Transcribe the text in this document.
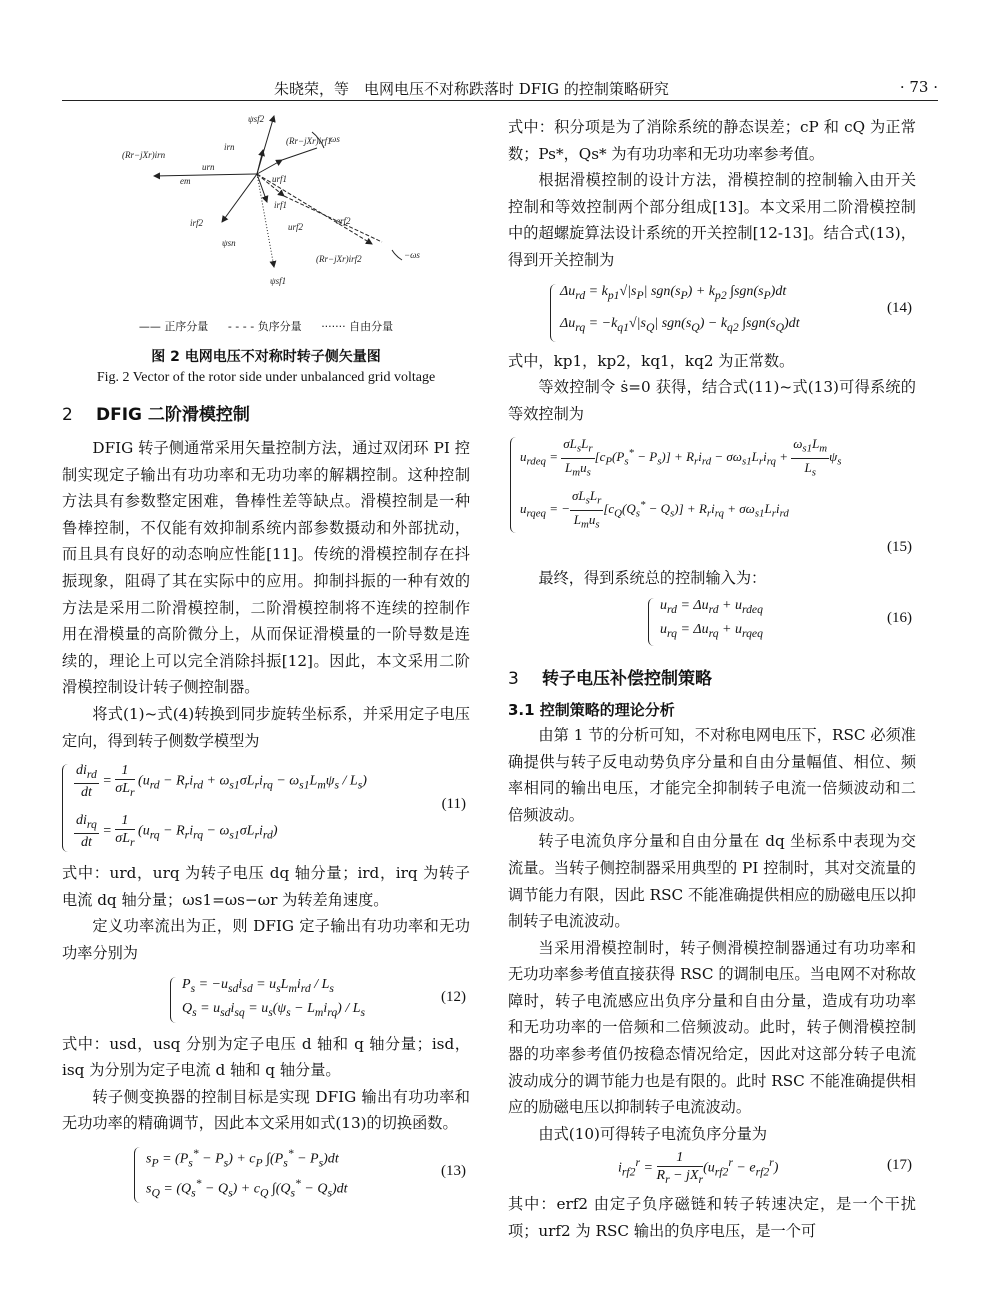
朱晓荣，等　电网电压不对称跌落时 DFIG 的控制策略研究	· 73 ·
ψsf2
(Rr−jXr)irn
(Rr−jXr)irf1
ωs
urn
irn
em	urf1
irf1
irf2
ψsn
urf2
erf2
(Rr−jXr)irf2	−ωs
ψsf1
—— 正序分量 - - - - 负序分量 ······· 自由分量
图 2 电网电压不对称时转子侧矢量图
Fig. 2 Vector of the rotor side under unbalanced grid voltage
2 DFIG 二阶滑模控制

DFIG 转子侧通常采用矢量控制方法，通过双闭环 PI 控制实现定子输出有功功率和无功功率的解耦控制。这种控制方法具有参数整定困难，鲁棒性差等缺点。滑模控制是一种鲁棒控制，不仅能有效抑制系统内部参数摄动和外部扰动，而且具有良好的动态响应性能[11]。传统的滑模控制存在抖振现象，阻碍了其在实际中的应用。抑制抖振的一种有效的方法是采用二阶滑模控制，二阶滑模控制将不连续的控制作用在滑模量的高阶微分上，从而保证滑模量的一阶导数是连续的，理论上可以完全消除抖振[12]。因此，本文采用二阶滑模控制设计转子侧控制器。

将式(1)~式(4)转换到同步旋转坐标系，并采用定子电压定向，得到转子侧数学模型为

$\frac{di_{rd}}{dt} = \frac{1}{\sigma L_r} (u_{rd} - R_ri_{rd} + \omega_{s1}\sigma L_ri_{rq} - \omega_{s1}L_m\psi_s / L_s)$
$\frac{di_{rq}}{dt} = \frac{1}{\sigma L_r} (u_{rq} - R_ri_{rq} - \omega_{s1}\sigma L_ri_{rd})$
(11)

式中：urd，urq 为转子电压 dq 轴分量；ird，irq 为转子电流 dq 轴分量；ωs1=ωs−ωr 为转差角速度。

定义功率流出为正，则 DFIG 定子输出有功功率和无功功率分别为

$P_s = -u_{sd}i_{sd} = u_sL_mi_{rd} / L_s$
$Q_s = u_{sd}i_{sq} = u_s(\psi_s - L_mi_{rq}) / L_s$
(12)

式中：usd，usq 分别为定子电压 d 轴和 q 轴分量；isd，isq 为分别为定子电流 d 轴和 q 轴分量。

转子侧变换器的控制目标是实现 DFIG 输出有功功率和无功功率的精确调节，因此本文采用如式(13)的切换函数。

$s_P = (P_s^* - P_s) + c_P$ $\int(P_s^* - P_s)dt$
$s_Q = (Q_s^* - Q_s) + c_Q$ $\int(Q_s^* - Q_s)dt$
(13)

式中：积分项是为了消除系统的静态误差；cP 和 cQ 为正常数；Ps*，Qs* 为有功功率和无功功率参考值。

根据滑模控制的设计方法，滑模控制的控制输入由开关控制和等效控制两个部分组成[13]。本文采用二阶滑模控制中的超螺旋算法设计系统的开关控制[12-13]。结合式(13)，得到开关控制为

$\Delta u_{rd} = k_{p1}√|s_P|$ $sgn(s_P) + k_{p2}$ $\int sgn(s_P)dt$
$\Delta u_{rq} = -k_{q1}√|s_Q|$ $sgn(s_Q) - k_{q2}$ $\int sgn(s_Q)dt$
(14)

式中，kp1，kp2，kq1，kq2 为正常数。

等效控制令 ṡ=0 获得，结合式(11)~式(13)可得系统的等效控制为

$u_{rdeq} = \frac{\sigma L_sL_r}{L_mu_s} [c_P(P_s^* - P_s)] + R_ri_{rd} - \sigma\omega_{s1}L_ri_{rq} + \frac{\omega_{s1}L_m}{L_s} \psi_s$
$u_{rqeq}$ = − $\frac{\sigma L_sL_r}{L_mu_s} [c_Q(Q_s^* - Q_s)] + R_ri_{rq} + \sigma\omega_{s1}L_ri_{rd}$
(15)

最终，得到系统总的控制输入为：

$u_{rd} = \Delta u_{rd} + u_{rdeq}$
$u_{rq} = \Delta u_{rq} + u_{rqeq}$
(16)
3 转子电压补偿控制策略
3.1 控制策略的理论分析

由第 1 节的分析可知，不对称电网电压下，RSC 必须准确提供与转子反电动势负序分量和自由分量幅值、相位、频率相同的输出电压，才能完全抑制转子电流一倍频波动和二倍频波动。

转子电流负序分量和自由分量在 dq 坐标系中表现为交流量。当转子侧控制器采用典型的 PI 控制时，其对交流量的调节能力有限，因此 RSC 不能准确提供相应的励磁电压以抑制转子电流波动。

当采用滑模控制时，转子侧滑模控制器通过有功功率和无功功率参考值直接获得 RSC 的调制电压。当电网不对称故障时，转子电流感应出负序分量和自由分量，造成有功功率和无功功率的一倍频和二倍频波动。此时，转子侧滑模控制器的功率参考值仍按稳态情况给定，因此对这部分转子电流波动成分的调节能力也是有限的。此时 RSC 不能准确提供相应的励磁电压以抑制转子电流波动。

由式(10)可得转子电流负序分量为

$i_{rf2}^r = \frac{1}{R_r - jX_r} (u_{rf2}^r - e_{rf2}^r)$	(17)

其中：erf2 由定子负序磁链和转子转速决定，是一个干扰项；urf2 为 RSC 输出的负序电压，是一个可
